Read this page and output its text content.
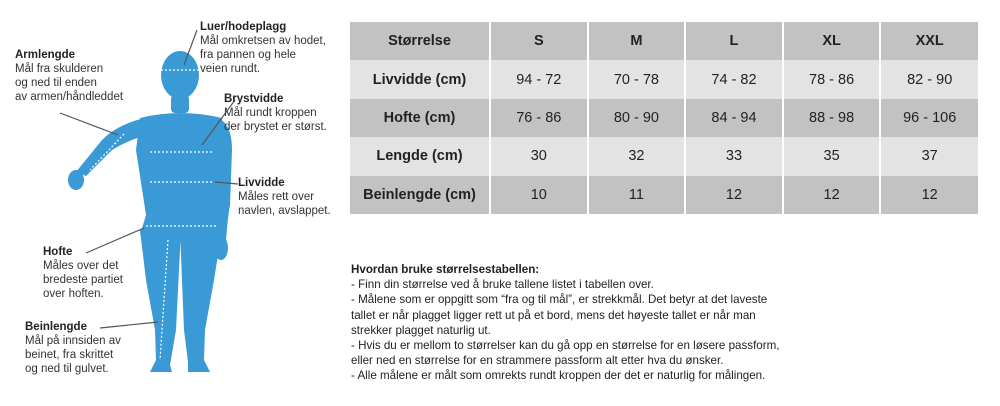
Luer/hodeplagg
Mål omkretsen av hodet,
fra pannen og hele
veien rundt.
Armlengde
Mål fra skulderen
og ned til enden
av armen/håndleddet	Brystvidde
Mål rundt kroppen
der brystet er størst.
Livvidde
Måles rett over
navlen, avslappet.
Hofte
Måles over det
bredeste partiet
over hoften.
Beinlengde
Mål på innsiden av
beinet, fra skrittet
og ned til gulvet.
Størrelse	S	M	L	XL	XXL
Livvidde (cm)	94 - 72	70 - 78	74 - 82	78 - 86	82 - 90
Hofte (cm)	76 - 86	80 - 90	84 - 94	88 - 98	96 - 106
Lengde (cm)	30	32	33	35	37
Beinlengde (cm)	10	11	12	12	12
Hvordan bruke størrelsestabellen:
- Finn din størrelse ved å bruke tallene listet i tabellen over.
- Målene som er oppgitt som “fra og til mål”, er strekkmål. Det betyr at det laveste
tallet er når plagget ligger rett ut på et bord, mens det høyeste tallet er når man
strekker plagget naturlig ut.
- Hvis du er mellom to størrelser kan du gå opp en størrelse for en løsere passform,
eller ned en størrelse for en strammere passform alt etter hva du ønsker.
- Alle målene er målt som omrekts rundt kroppen der det er naturlig for målingen.
